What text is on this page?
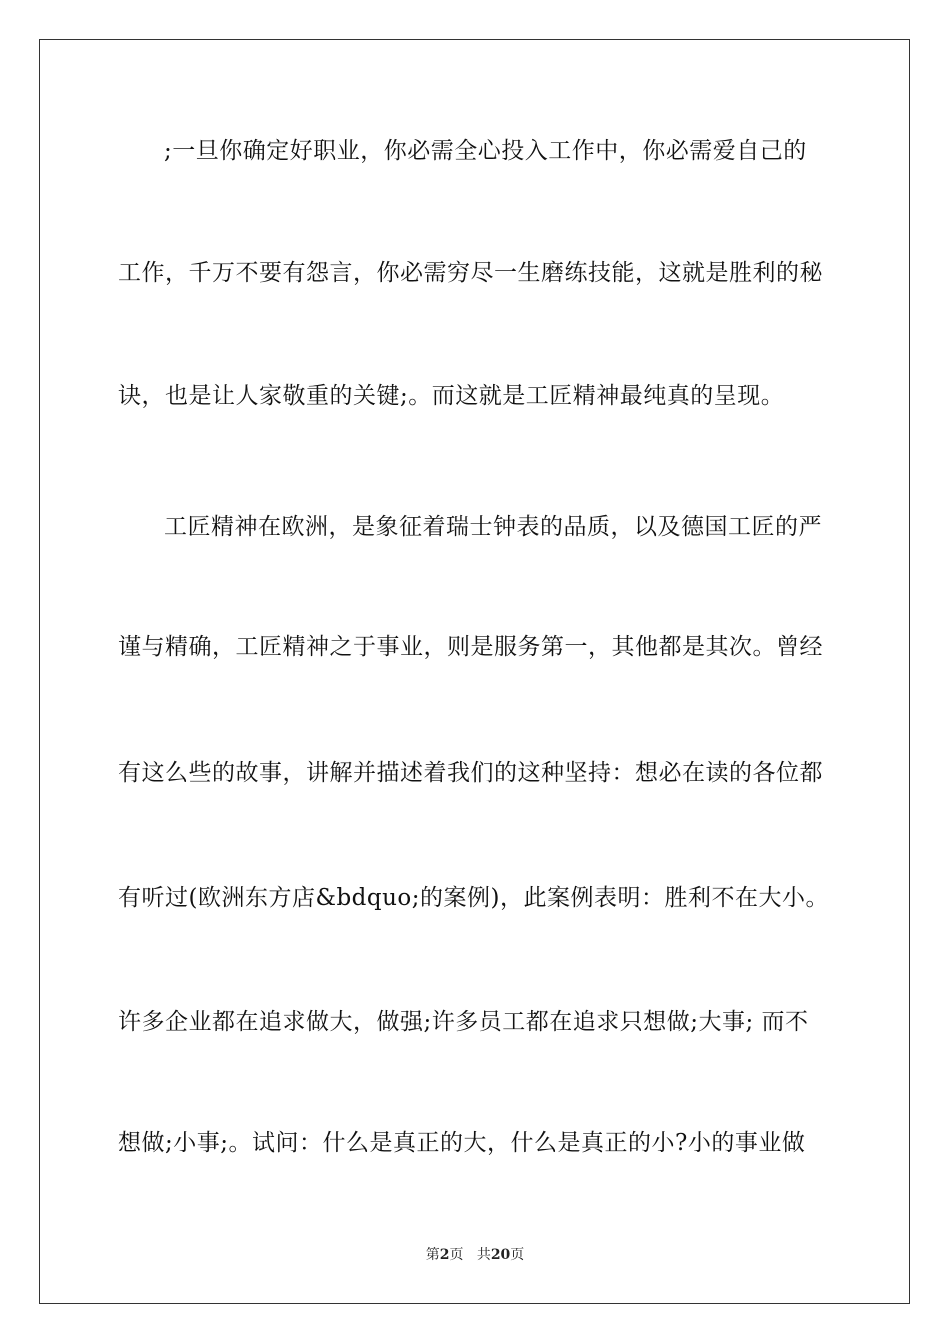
;一旦你确定好职业，你必需全心投入工作中，你必需爱自己的
工作，千万不要有怨言，你必需穷尽一生磨练技能，这就是胜利的秘
诀，也是让人家敬重的关键;。而这就是工匠精神最纯真的呈现。
工匠精神在欧洲，是象征着瑞士钟表的品质，以及德国工匠的严
谨与精确，工匠精神之于事业，则是服务第一，其他都是其次。曾经
有这么些的故事，讲解并描述着我们的这种坚持：想必在读的各位都
有听过(欧洲东方店&bdquo;的案例)，此案例表明：胜利不在大小。
许多企业都在追求做大，做强;许多员工都在追求只想做;大事; 而不
想做;小事;。试问：什么是真正的大，什么是真正的小?小的事业做
第2页 共20页
